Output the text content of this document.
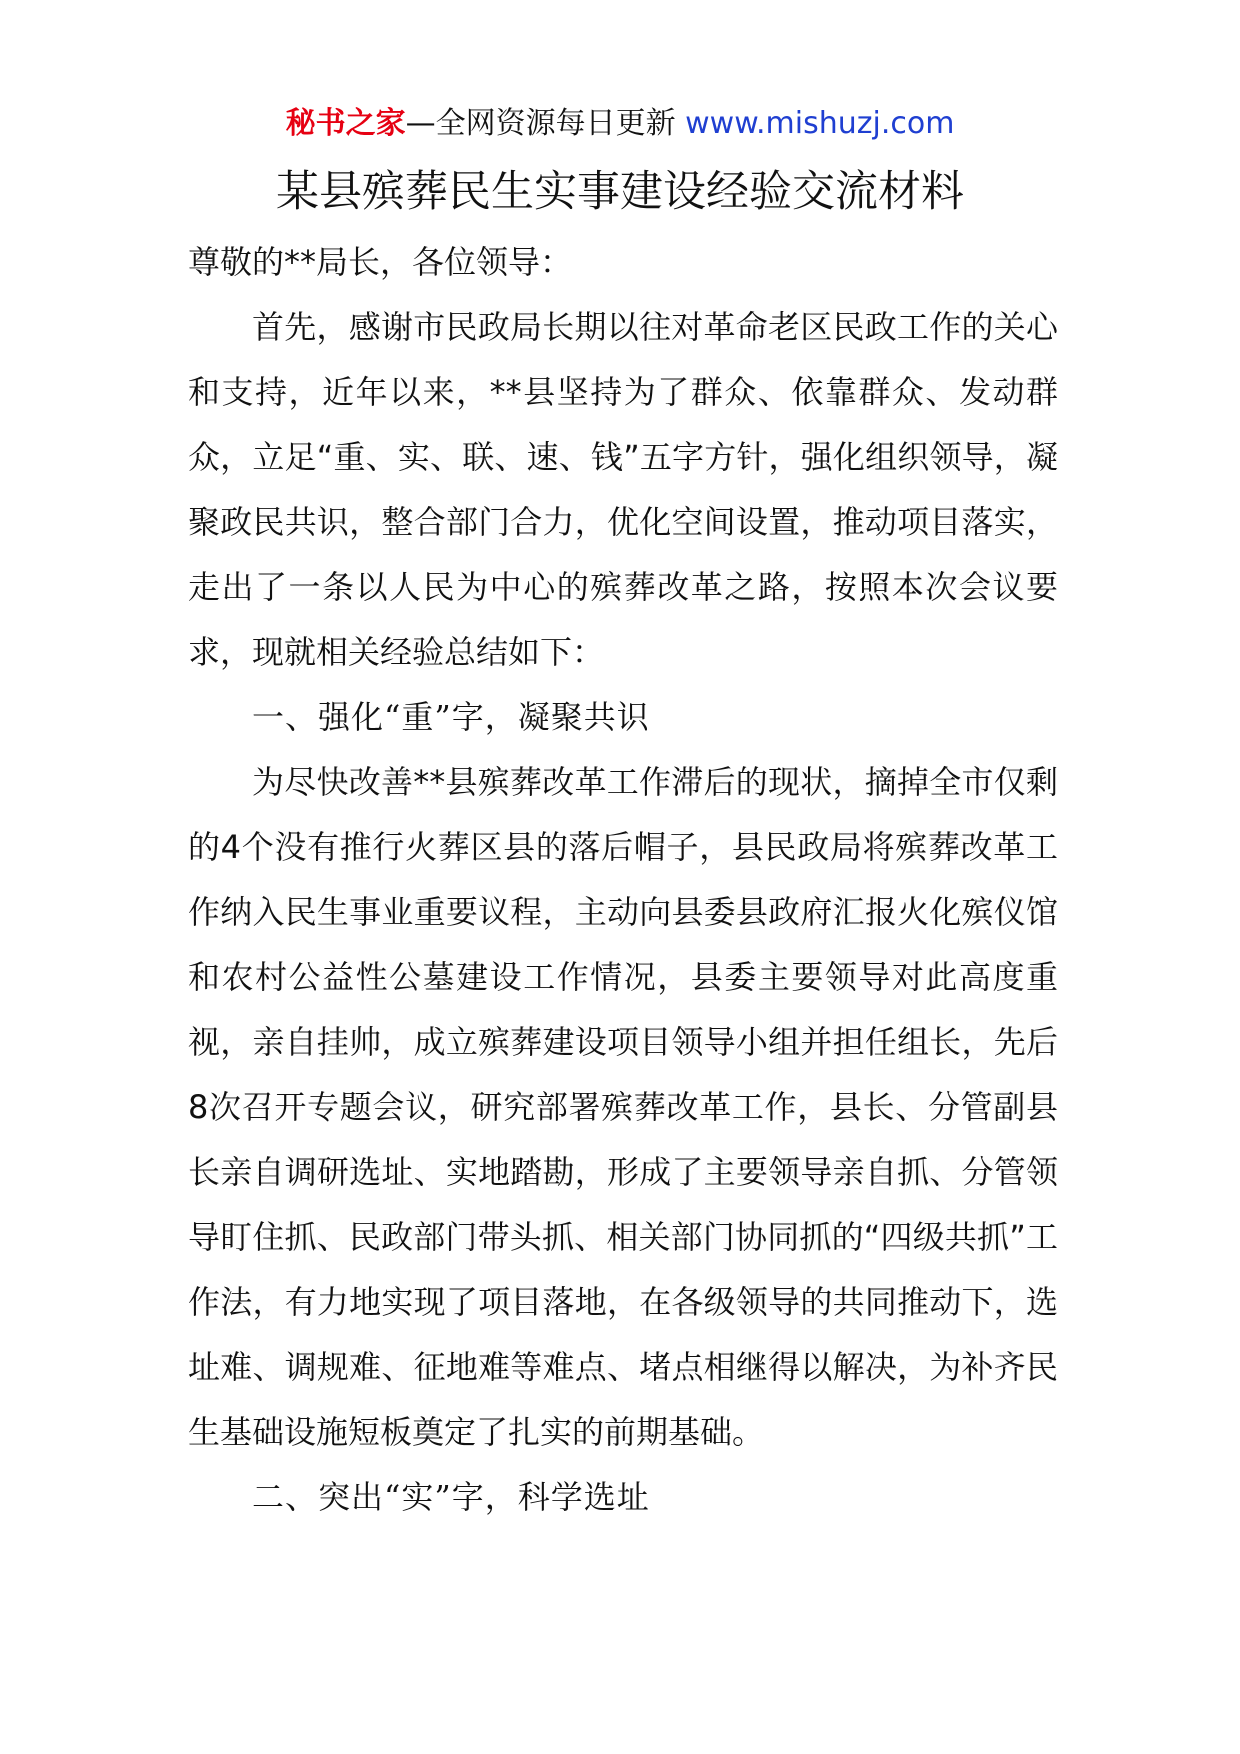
秘书之家—全网资源每日更新 www.mishuzj.com
某县殡葬民生实事建设经验交流材料

尊敬的**局长，各位领导：

首先，感谢市民政局长期以往对革命老区民政工作的关心和支持，近年以来，**县坚持为了群众、依靠群众、发动群众，立足“重、实、联、速、钱”五字方针，强化组织领导，凝聚政民共识，整合部门合力，优化空间设置，推动项目落实，走出了一条以人民为中心的殡葬改革之路，按照本次会议要求，现就相关经验总结如下：

一、强化“重”字，凝聚共识

为尽快改善**县殡葬改革工作滞后的现状，摘掉全市仅剩的4个没有推行火葬区县的落后帽子，县民政局将殡葬改革工作纳入民生事业重要议程，主动向县委县政府汇报火化殡仪馆和农村公益性公墓建设工作情况，县委主要领导对此高度重视，亲自挂帅，成立殡葬建设项目领导小组并担任组长，先后8次召开专题会议，研究部署殡葬改革工作，县长、分管副县长亲自调研选址、实地踏勘，形成了主要领导亲自抓、分管领导盯住抓、民政部门带头抓、相关部门协同抓的“四级共抓”工作法，有力地实现了项目落地，在各级领导的共同推动下，选址难、调规难、征地难等难点、堵点相继得以解决，为补齐民生基础设施短板奠定了扎实的前期基础。

二、突出“实”字，科学选址
